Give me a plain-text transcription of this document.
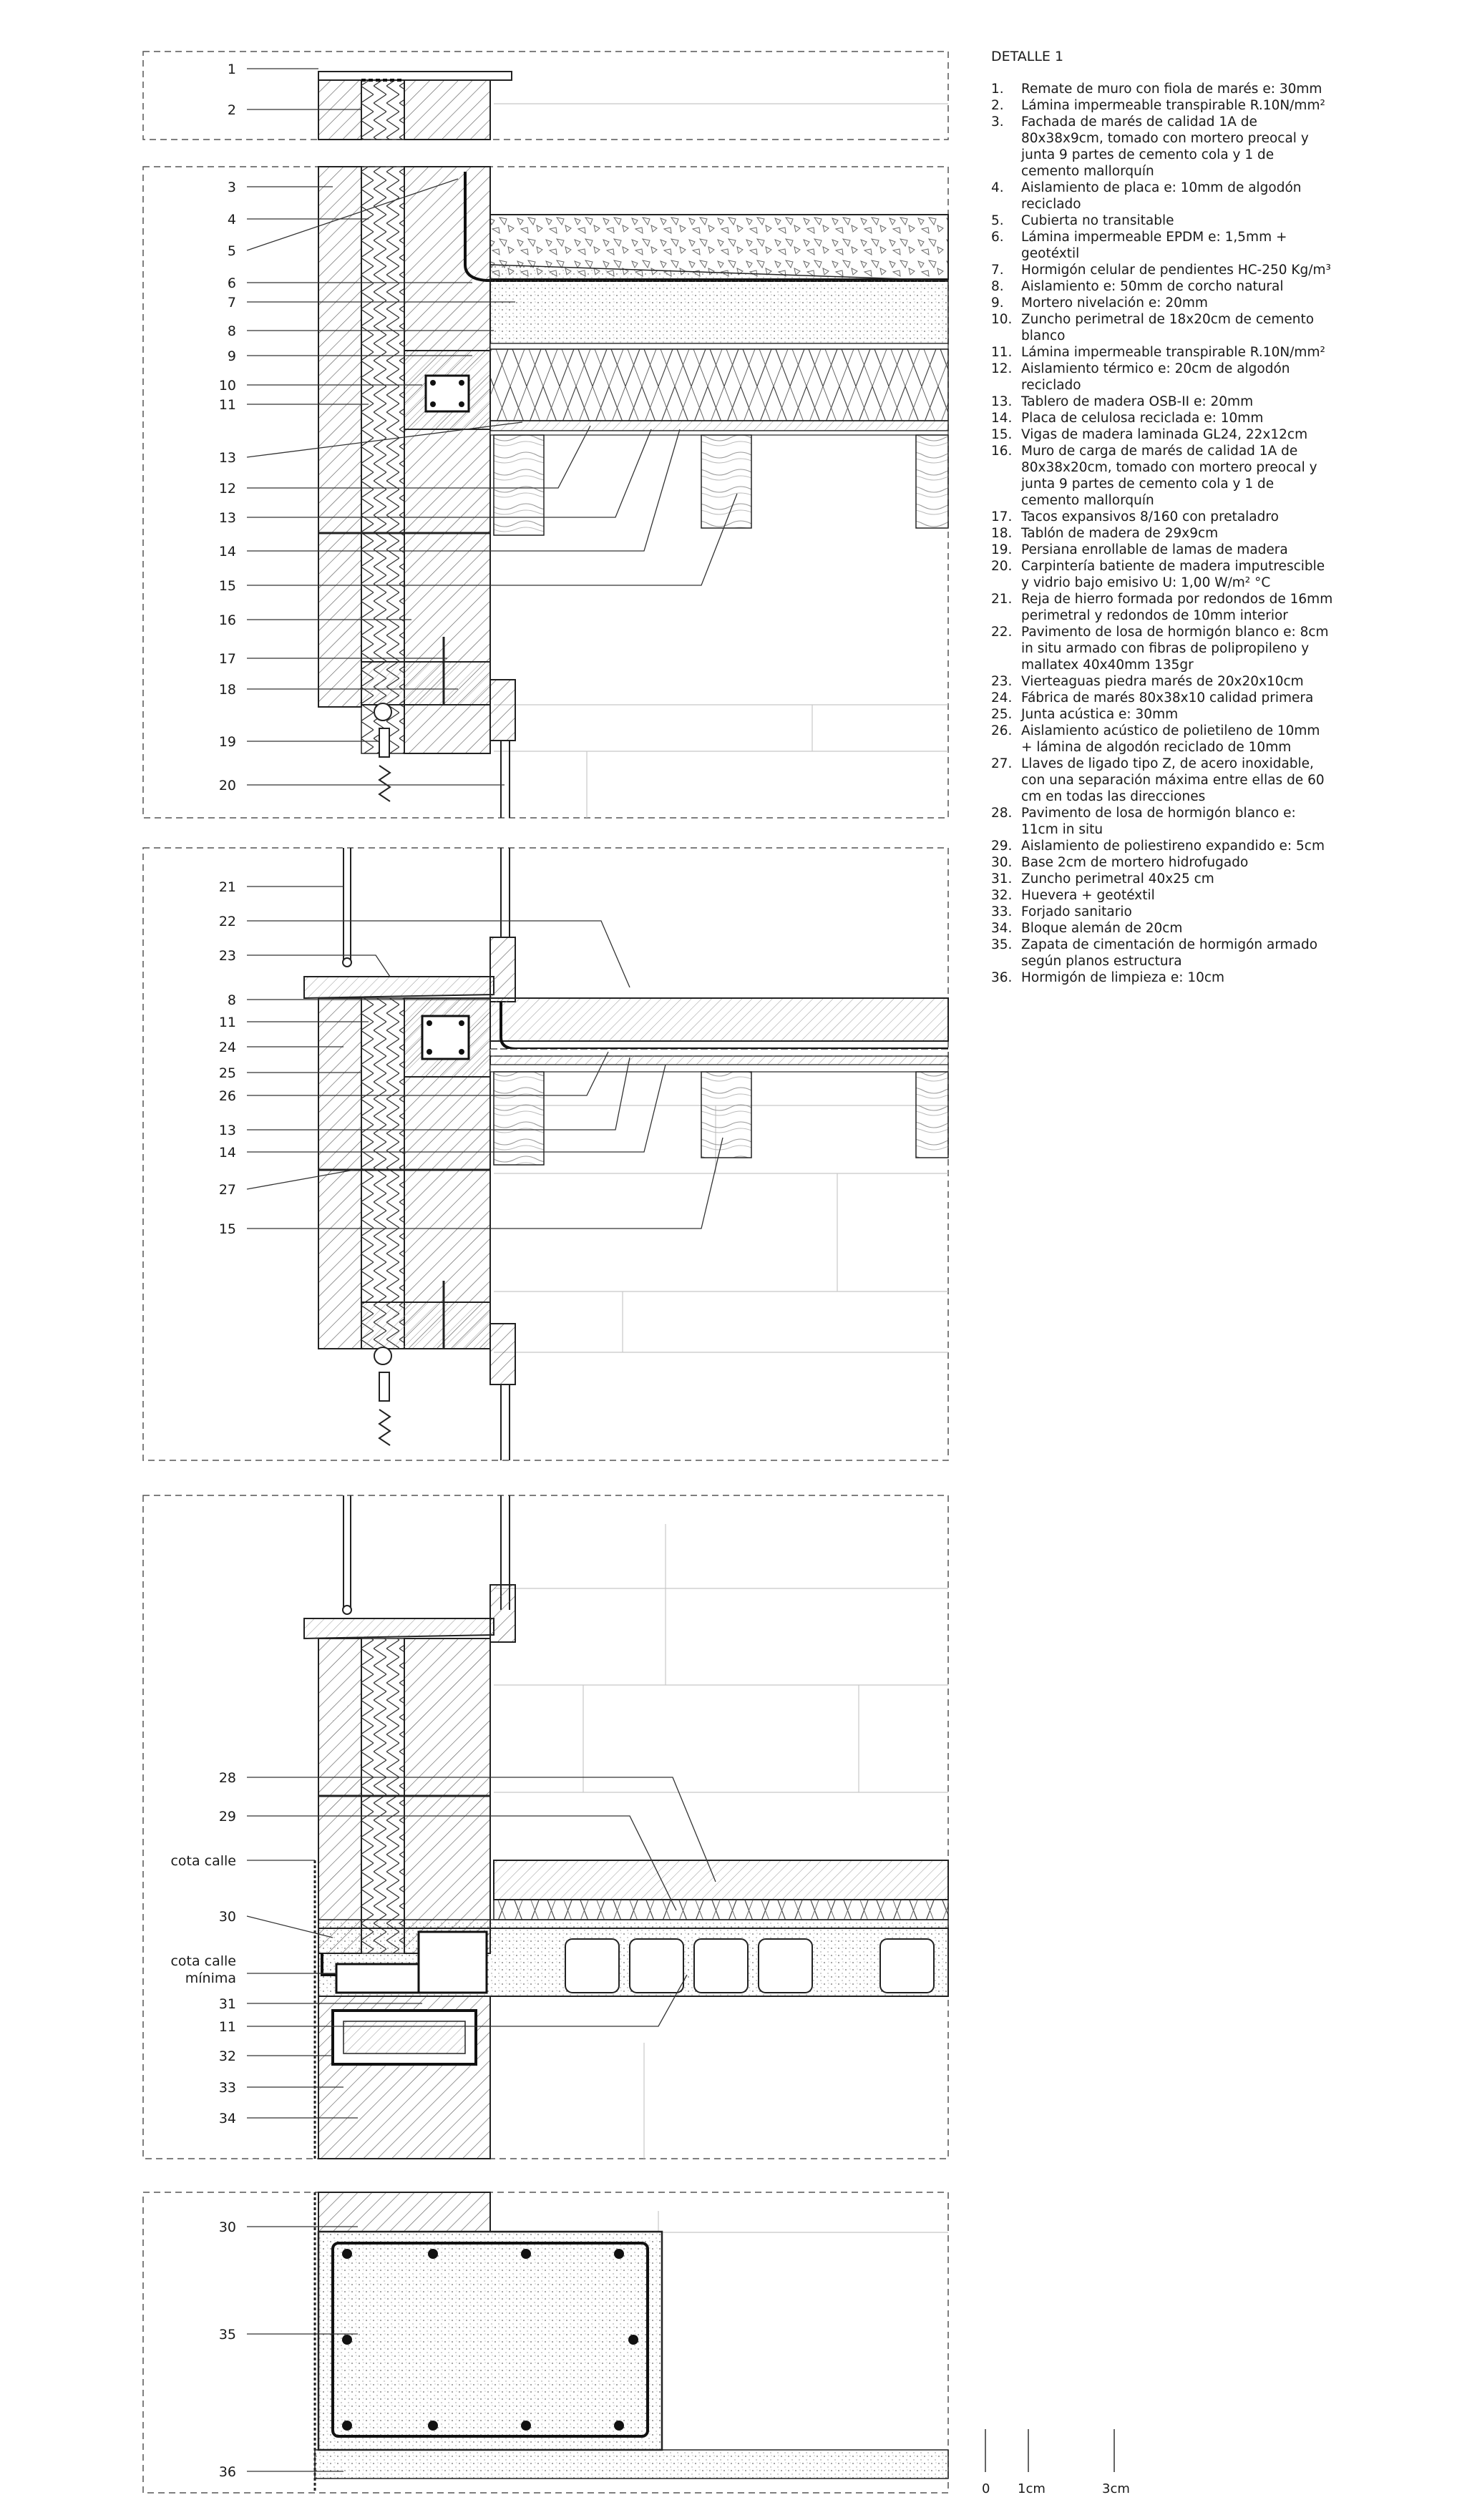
1
2
3
4
5
6
7
8
9
10
11
13
12
13
14
15
16
17
18
19
20
21
22
23
8
11
24
25
26
13
14
27
15
28
29
cota calle
30
cota calle
mínima
31
11
32
33
34
30
35
36
0 1cm	3cm
DETALLE 1
1. Remate de muro con fiola de marés e: 30mm
2. Lámina impermeable transpirable R.10N/mm²
3. Fachada de marés de calidad 1A de 80x38x9cm, tomado con mortero preocal y junta 9 partes de cemento cola y 1 de cemento mallorquín
4. Aislamiento de placa e: 10mm de algodón reciclado
5. Cubierta no transitable
6. Lámina impermeable EPDM e: 1,5mm + geotéxtil
7. Hormigón celular de pendientes HC-250 Kg/m³
8. Aislamiento e: 50mm de corcho natural
9. Mortero nivelación e: 20mm
10. Zuncho perimetral de 18x20cm de cemento blanco
11. Lámina impermeable transpirable R.10N/mm²
12. Aislamiento térmico e: 20cm de algodón reciclado
13. Tablero de madera OSB-II e: 20mm
14. Placa de celulosa reciclada e: 10mm
15. Vigas de madera laminada GL24, 22x12cm
16. Muro de carga de marés de calidad 1A de 80x38x20cm, tomado con mortero preocal y junta 9 partes de cemento cola y 1 de cemento mallorquín
17. Tacos expansivos 8/160 con pretaladro
18. Tablón de madera de 29x9cm
19. Persiana enrollable de lamas de madera
20. Carpintería batiente de madera imputrescible y vidrio bajo emisivo U: 1,00 W/m² °C
21. Reja de hierro formada por redondos de 16mm perimetral y redondos de 10mm interior
22. Pavimento de losa de hormigón blanco e: 8cm in situ armado con fibras de polipropileno y mallatex 40x40mm 135gr
23. Vierteaguas piedra marés de 20x20x10cm
24. Fábrica de marés 80x38x10 calidad primera
25. Junta acústica e: 30mm
26. Aislamiento acústico de polietileno de 10mm + lámina de algodón reciclado de 10mm
27. Llaves de ligado tipo Z, de acero inoxidable, con una separación máxima entre ellas de 60 cm en todas las direcciones
28. Pavimento de losa de hormigón blanco e: 11cm in situ
29. Aislamiento de poliestireno expandido e: 5cm
30. Base 2cm de mortero hidrofugado
31. Zuncho perimetral 40x25 cm
32. Huevera + geotéxtil
33. Forjado sanitario
34. Bloque alemán de 20cm
35. Zapata de cimentación de hormigón armado según planos estructura
36. Hormigón de limpieza e: 10cm
